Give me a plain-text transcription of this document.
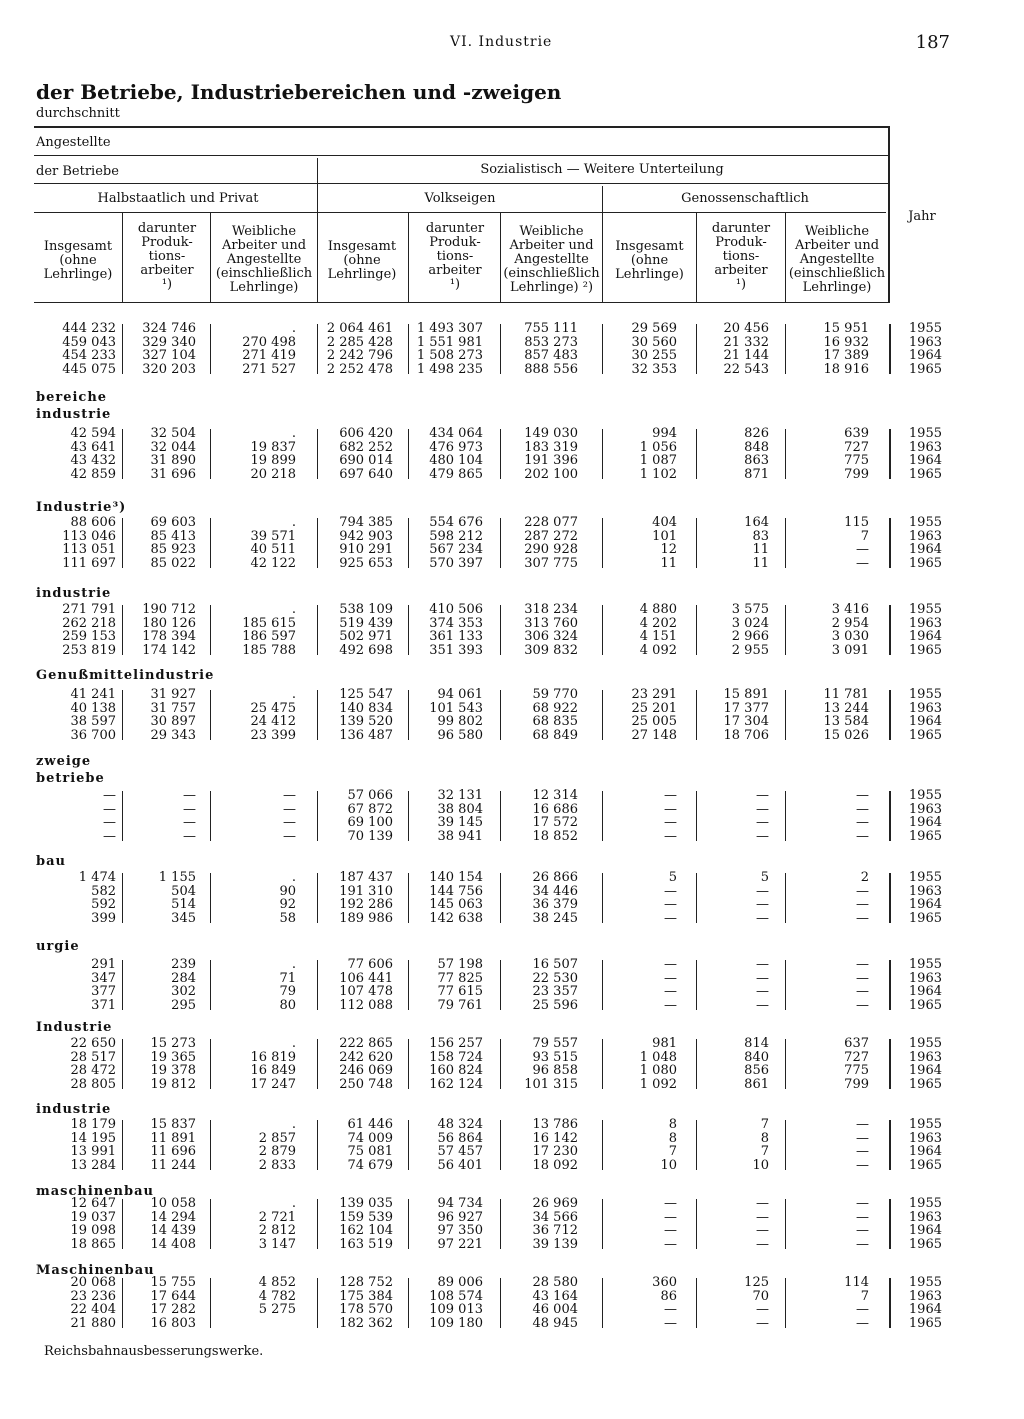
VI. Industrie	187
der Betriebe, Industriebereichen und -zweigen
durchschnitt
Angestellte
der Betriebe
Halbstaatlich und Privat
Sozialistisch — Weitere Unterteilung
Volkseigen	Genossenschaftlich
Jahr
Insgesamt
(ohne
Lehrlinge)
darunter
Produk-
tions-
arbeiter
¹)
Weibliche
Arbeiter und
Angestellte
(einschließlich
Lehrlinge)
Insgesamt
(ohne
Lehrlinge)
darunter
Produk-
tions-
arbeiter
¹)
Weibliche
Arbeiter und
Angestellte
(einschließlich
Lehrlinge) ²)
Insgesamt
(ohne
Lehrlinge)
darunter
Produk-
tions-
arbeiter
¹)
Weibliche
Arbeiter und
Angestellte
(einschließlich
Lehrlinge)
444 232
459 043
454 233
445 075
324 746
329 340
327 104
320 203
.
270 498
271 419
271 527
2 064 461
2 285 428
2 242 796
2 252 478
1 493 307
1 551 981
1 508 273
1 498 235
755 111
853 273
857 483
888 556
29 569
30 560
30 255
32 353
20 456
21 332
21 144
22 543
15 951
16 932
17 389
18 916
1955
1963
1964
1965
bereiche
industrie
42 594
43 641
43 432
42 859
32 504
32 044
31 890
31 696
.
19 837
19 899
20 218
606 420
682 252
690 014
697 640
434 064
476 973
480 104
479 865
149 030
183 319
191 396
202 100
994
1 056
1 087
1 102
826
848
863
871
639
727
775
799
1955
1963
1964
1965
Industrie³)
88 606
113 046
113 051
111 697
69 603
85 413
85 923
85 022
.
39 571
40 511
42 122
794 385
942 903
910 291
925 653
554 676
598 212
567 234
570 397
228 077
287 272
290 928
307 775
404
101
12
11
164
83
11
11
115
7
—
—
1955
1963
1964
1965
industrie
271 791
262 218
259 153
253 819
190 712
180 126
178 394
174 142
.
185 615
186 597
185 788
538 109
519 439
502 971
492 698
410 506
374 353
361 133
351 393
318 234
313 760
306 324
309 832
4 880
4 202
4 151
4 092
3 575
3 024
2 966
2 955
3 416
2 954
3 030
3 091
1955
1963
1964
1965
Genußmittelindustrie
41 241
40 138
38 597
36 700
31 927
31 757
30 897
29 343
.
25 475
24 412
23 399
125 547
140 834
139 520
136 487
94 061
101 543
99 802
96 580
59 770
68 922
68 835
68 849
23 291
25 201
25 005
27 148
15 891
17 377
17 304
18 706
11 781
13 244
13 584
15 026
1955
1963
1964
1965
zweige
betriebe
—
—
—
—
—
—
—
—
—
—
—
—
57 066
67 872
69 100
70 139
32 131
38 804
39 145
38 941
12 314
16 686
17 572
18 852
—
—
—
—
—
—
—
—
—
—
—
—
1955
1963
1964
1965
bau
1 474
582
592
399
1 155
504
514
345
.
90
92
58
187 437
191 310
192 286
189 986
140 154
144 756
145 063
142 638
26 866
34 446
36 379
38 245
5
—
—
—
5
—
—
—
2
—
—
—
1955
1963
1964
1965
urgie
291
347
377
371
239
284
302
295
.
71
79
80
77 606
106 441
107 478
112 088
57 198
77 825
77 615
79 761
16 507
22 530
23 357
25 596
—
—
—
—
—
—
—
—
—
—
—
—
1955
1963
1964
1965
Industrie
22 650
28 517
28 472
28 805
15 273
19 365
19 378
19 812
.
16 819
16 849
17 247
222 865
242 620
246 069
250 748
156 257
158 724
160 824
162 124
79 557
93 515
96 858
101 315
981
1 048
1 080
1 092
814
840
856
861
637
727
775
799
1955
1963
1964
1965
industrie
18 179
14 195
13 991
13 284
15 837
11 891
11 696
11 244
.
2 857
2 879
2 833
61 446
74 009
75 081
74 679
48 324
56 864
57 457
56 401
13 786
16 142
17 230
18 092
8
8
7
10
7
8
7
10
—
—
—
—
1955
1963
1964
1965
maschinenbau
12 647
19 037
19 098
18 865
10 058
14 294
14 439
14 408
.
2 721
2 812
3 147
139 035
159 539
162 104
163 519
94 734
96 927
97 350
97 221
26 969
34 566
36 712
39 139
—
—
—
—
—
—
—
—
—
—
—
—
1955
1963
1964
1965
Maschinenbau
20 068
23 236
22 404
21 880
15 755
17 644
17 282
16 803
4 852
4 782
5 275
128 752
175 384
178 570
182 362
89 006
108 574
109 013
109 180
28 580
43 164
46 004
48 945
360
86
—
—
125
70
—
—
114
7
—
—
1955
1963
1964
1965
Reichsbahnausbesserungswerke.
